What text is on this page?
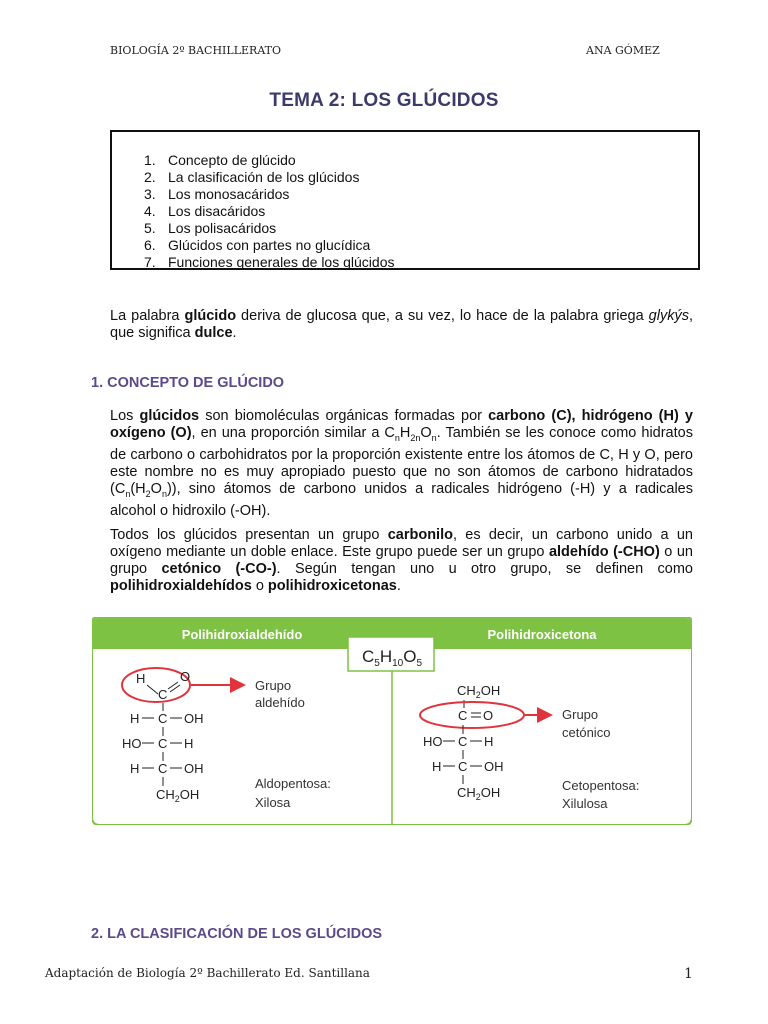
BIOLOGÍA 2º BACHILLERATO	ANA GÓMEZ
TEMA 2: LOS GLÚCIDOS
1. Concepto de glúcido
2. La clasificación de los glúcidos
3. Los monosacáridos
4. Los disacáridos
5. Los polisacáridos
6. Glúcidos con partes no glucídica
7. Funciones generales de los glúcidos
La palabra glúcido deriva de glucosa que, a su vez, lo hace de la palabra griega glykýs, que significa dulce.
1. CONCEPTO DE GLÚCIDO
Los glúcidos son biomoléculas orgánicas formadas por carbono (C), hidrógeno (H) y oxígeno (O), en una proporción similar a $C_nH_{2n}O_n$. También se les conoce como hidratos de carbono o carbohidratos por la proporción existente entre los átomos de C, H y O, pero este nombre no es muy apropiado puesto que no son átomos de carbono hidratados $(C_n(H_2O_n))$, sino átomos de carbono unidos a radicales hidrógeno (-H) y a radicales alcohol o hidroxilo (-OH).
Todos los glúcidos presentan un grupo carbonilo, es decir, un carbono unido a un oxígeno mediante un doble enlace. Este grupo puede ser un grupo aldehído (-CHO) o un grupo cetónico (-CO-). Según tengan uno u otro grupo, se definen como polihidroxialdehídos o polihidroxicetonas.
Polihidroxialdehído	Polihidroxicetona
$C_5H_{10}O_5$
H
C
O
H C OH
HO C H
H C OH
$CH_2OH$
Grupo
aldehído
Aldopentosa:
Xilosa
$CH_2OH$
C O
HO C H
H C OH
$CH_2OH$
Grupo
cetónico
Cetopentosa:
Xilulosa
2. LA CLASIFICACIÓN DE LOS GLÚCIDOS
Adaptación de Biología 2º Bachillerato Ed. Santillana	1
